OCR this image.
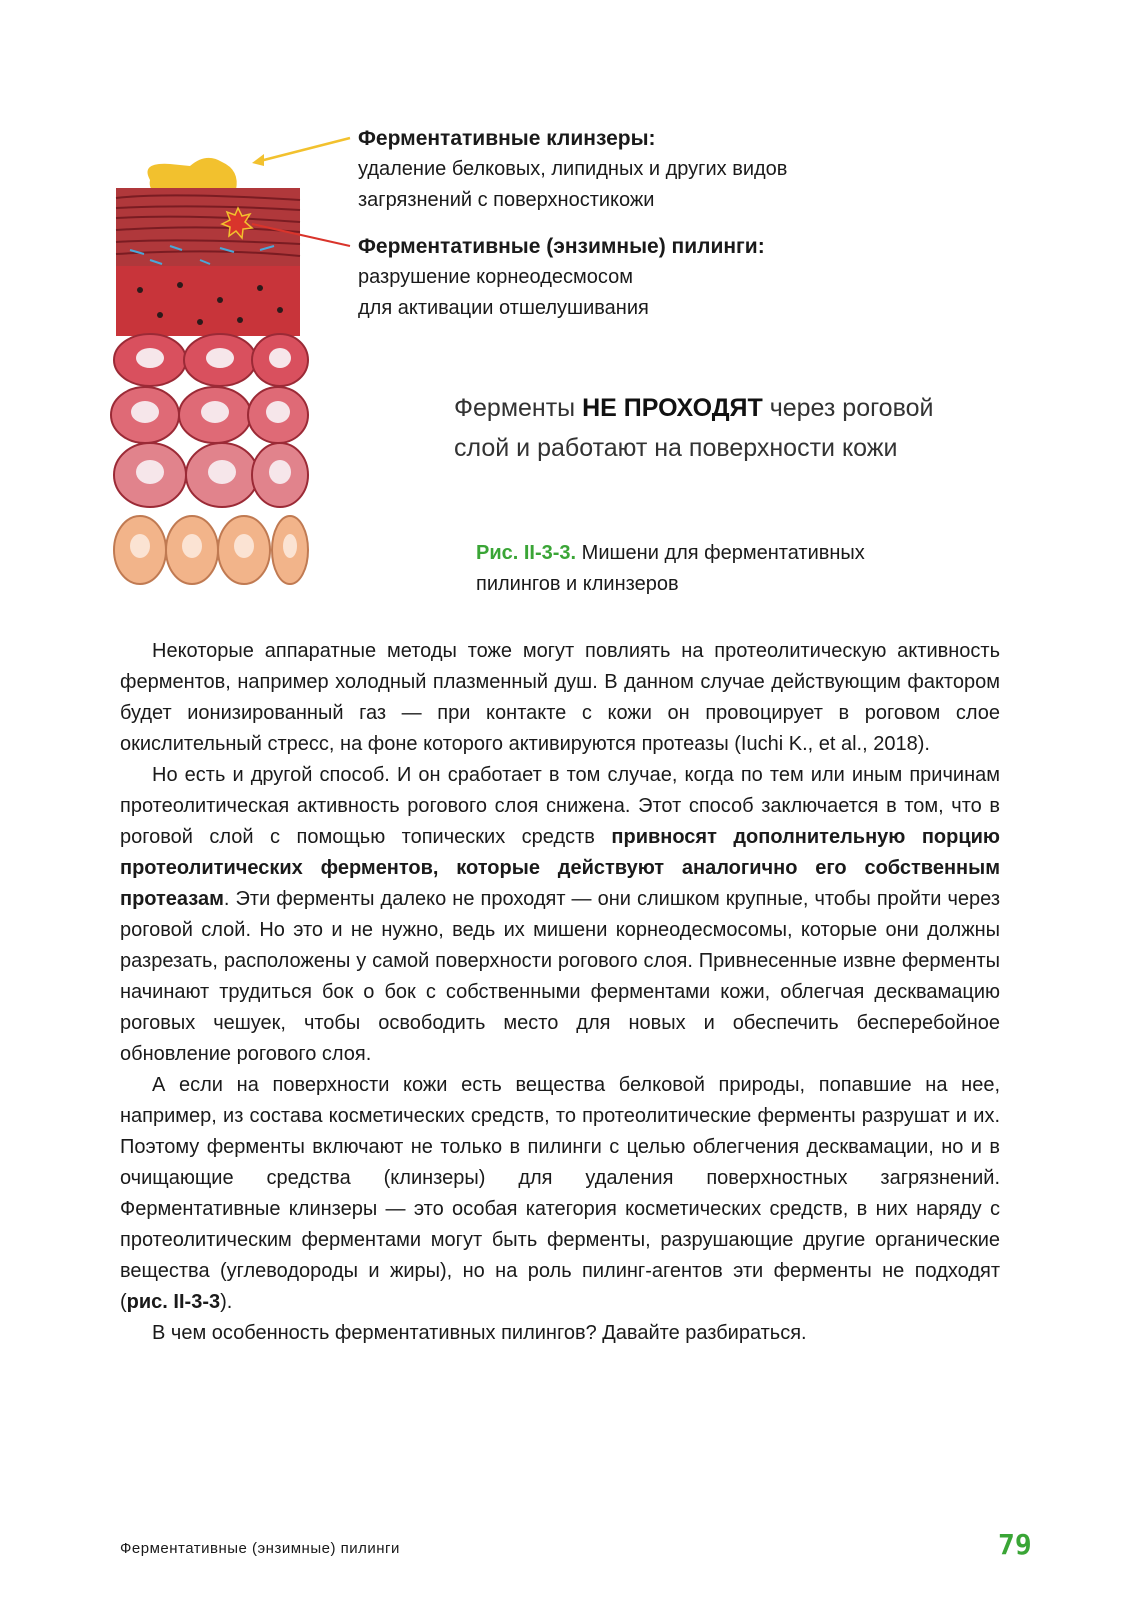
Ферментативные клинзеры:
удаление белковых, липидных и других видов
загрязнений с поверхностикожи
Ферментативные (энзимные) пилинги:
разрушение корнеодесмосом
для активации отшелушивания
Ферменты НЕ ПРОХОДЯТ через роговой
слой и работают на поверхности кожи
Рис. II-3-3. Мишени для ферментативных
пилингов и клинзеров

Некоторые аппаратные методы тоже могут повлиять на протеолитическую активность ферментов, например холодный плазменный душ. В данном случае действующим фактором будет ионизированный газ — при контакте с кожи он провоцирует в роговом слое окислительный стресс, на фоне которого активируются протеазы (Iuchi K., et al., 2018).

Но есть и другой способ. И он сработает в том случае, когда по тем или иным причинам протеолитическая активность рогового слоя снижена. Этот способ заключается в том, что в роговой слой с помощью топических средств привносят дополнительную порцию протеолитических ферментов, которые действуют аналогично его собственным протеазам. Эти ферменты далеко не проходят — они слишком крупные, чтобы пройти через роговой слой. Но это и не нужно, ведь их мишени корнеодесмосомы, которые они должны разрезать, расположены у самой поверхности рогового слоя. Привнесенные извне ферменты начинают трудиться бок о бок с собственными ферментами кожи, облегчая десквамацию роговых чешуек, чтобы освободить место для новых и обеспечить бесперебойное обновление рогового слоя.

А если на поверхности кожи есть вещества белковой природы, попавшие на нее, например, из состава косметических средств, то протеолитические ферменты разрушат и их. Поэтому ферменты включают не только в пилинги с целью облегчения десквамации, но и в очищающие средства (клинзеры) для удаления поверхностных загрязнений. Ферментативные клинзеры — это особая категория косметических средств, в них наряду с протеолитическим ферментами могут быть ферменты, разрушающие другие органические вещества (углеводороды и жиры), но на роль пилинг-агентов эти ферменты не подходят (рис. II-3-3).

В чем особенность ферментативных пилингов? Давайте разбираться.

Ферментативные (энзимные) пилинги	79
